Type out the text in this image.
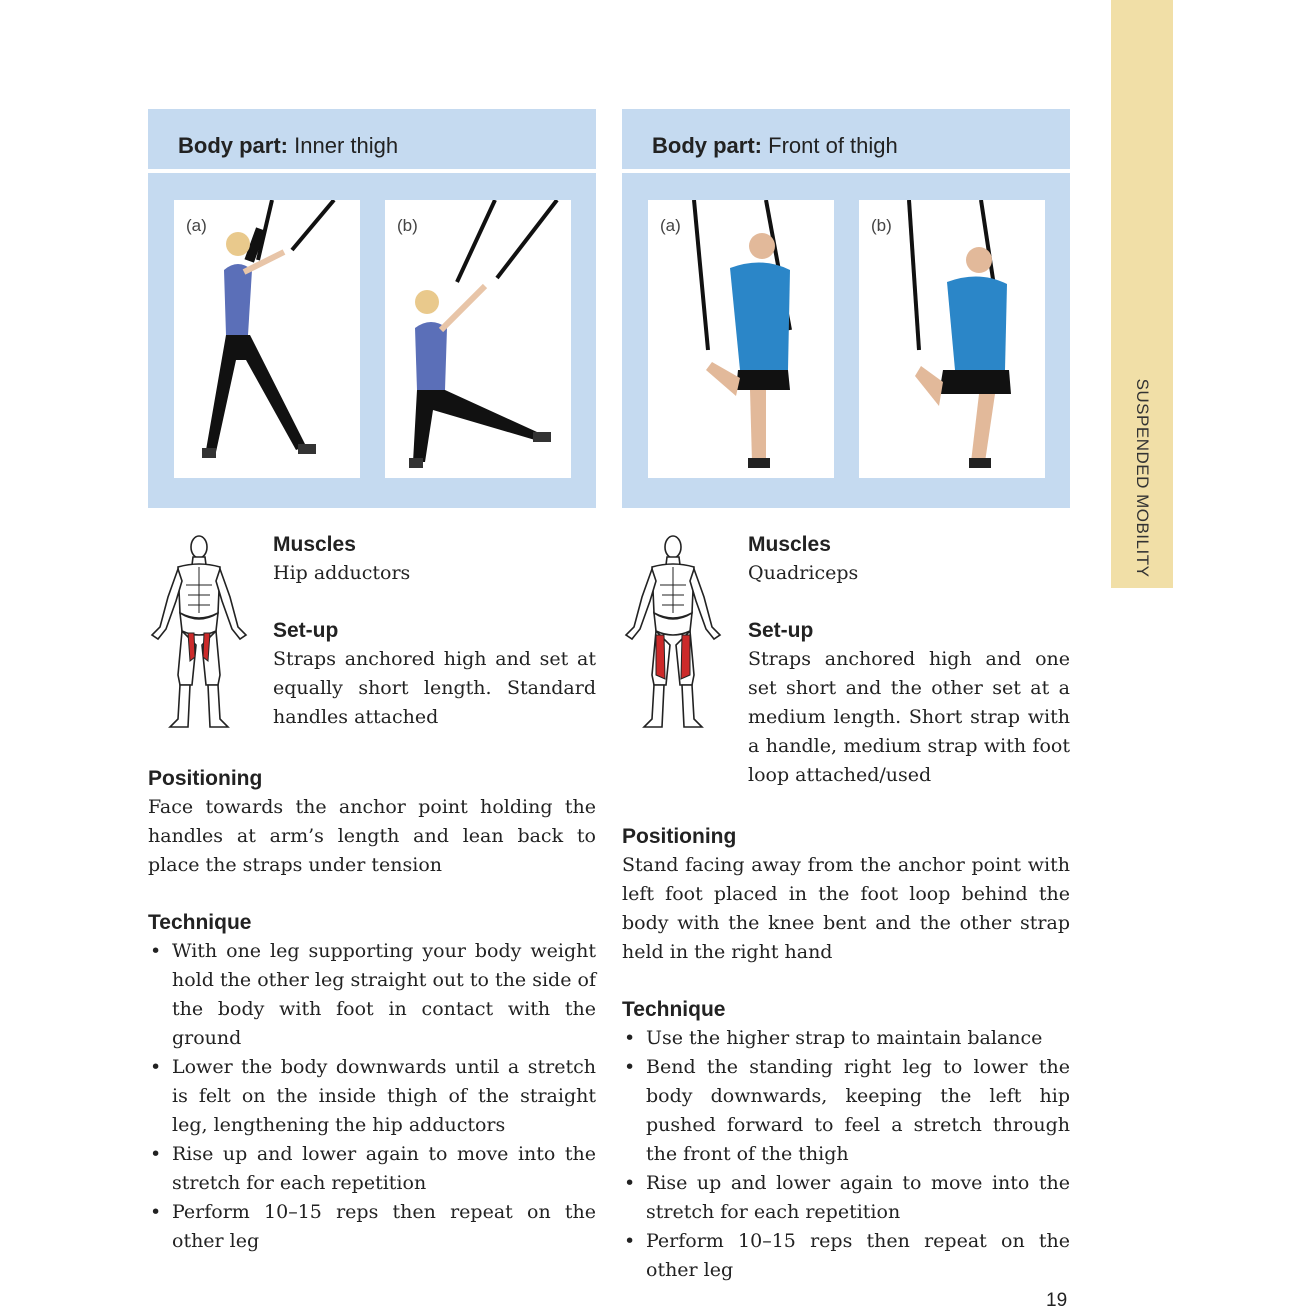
SUSPENDED MOBILITY
Body part: Inner thigh
(a)	(b)
Muscles
Hip adductors
Set-up
Straps anchored high and set at equally short length. Standard handles attached
Positioning
Face towards the anchor point holding the handles at arm’s length and lean back to place the straps under tension
Technique
• With one leg supporting your body weight hold the other leg straight out to the side of the body with foot in contact with the ground
• Lower the body downwards until a stretch is felt on the inside thigh of the straight leg, lengthening the hip adductors
• Rise up and lower again to move into the stretch for each repetition
• Perform 10–15 reps then repeat on the other leg
Body part: Front of thigh
(a)	(b)
Muscles
Quadriceps
Set-up
Straps anchored high and one set short and the other set at a medium length. Short strap with a handle, medium strap with foot loop attached/used
Positioning
Stand facing away from the anchor point with left foot placed in the foot loop behind the body with the knee bent and the other strap held in the right hand
Technique
• Use the higher strap to maintain balance
• Bend the standing right leg to lower the body downwards, keeping the left hip pushed forward to feel a stretch through the front of the thigh
• Rise up and lower again to move into the stretch for each repetition
• Perform 10–15 reps then repeat on the other leg
19
